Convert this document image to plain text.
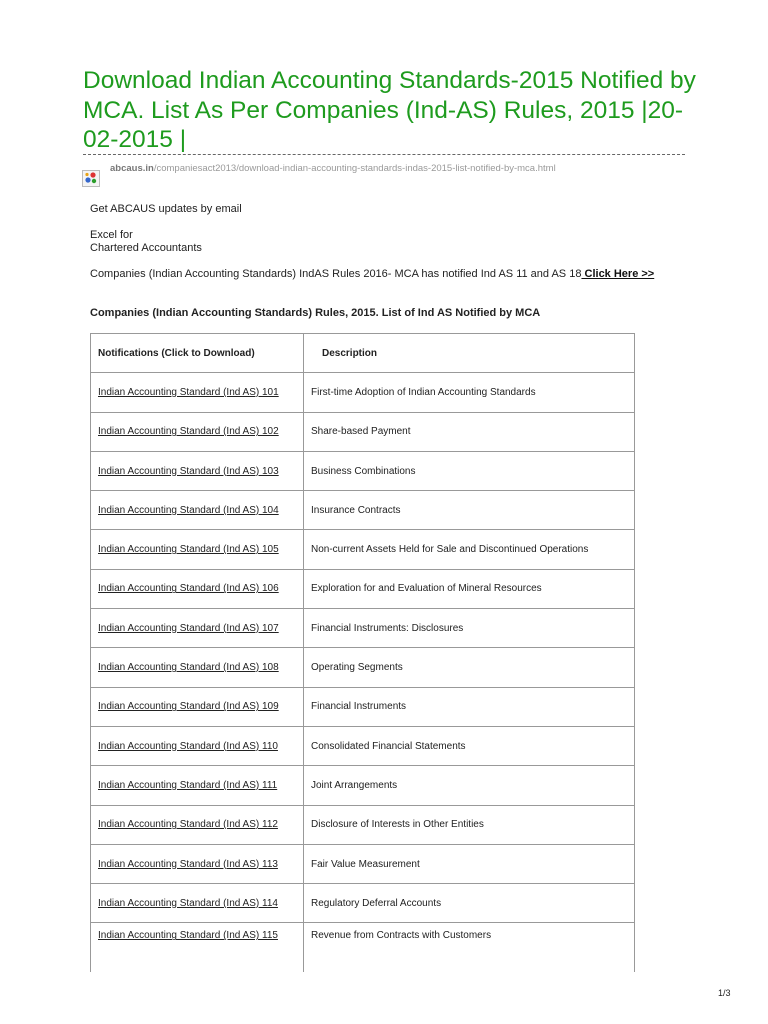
Download Indian Accounting Standards-2015 Notified by MCA. List As Per Companies (Ind-AS) Rules, 2015 |20-02-2015 |
abcaus.in/companiesact2013/download-indian-accounting-standards-indas-2015-list-notified-by-mca.html

Get ABCAUS updates by email

Excel for

Chartered Accountants

Companies (Indian Accounting Standards) IndAS Rules 2016- MCA has notified Ind AS 11 and AS 18 Click Here >>

Companies (Indian Accounting Standards) Rules, 2015. List of Ind AS Notified by MCA

Notifications (Click to Download)	Description
Indian Accounting Standard (Ind AS) 101	First-time Adoption of Indian Accounting Standards
Indian Accounting Standard (Ind AS) 102	Share-based Payment
Indian Accounting Standard (Ind AS) 103	Business Combinations
Indian Accounting Standard (Ind AS) 104	Insurance Contracts
Indian Accounting Standard (Ind AS) 105	Non-current Assets Held for Sale and Discontinued Operations
Indian Accounting Standard (Ind AS) 106	Exploration for and Evaluation of Mineral Resources
Indian Accounting Standard (Ind AS) 107	Financial Instruments: Disclosures
Indian Accounting Standard (Ind AS) 108	Operating Segments
Indian Accounting Standard (Ind AS) 109	Financial Instruments
Indian Accounting Standard (Ind AS) 110	Consolidated Financial Statements
Indian Accounting Standard (Ind AS) 111	Joint Arrangements
Indian Accounting Standard (Ind AS) 112	Disclosure of Interests in Other Entities
Indian Accounting Standard (Ind AS) 113	Fair Value Measurement
Indian Accounting Standard (Ind AS) 114	Regulatory Deferral Accounts
Indian Accounting Standard (Ind AS) 115	Revenue from Contracts with Customers
1/3
